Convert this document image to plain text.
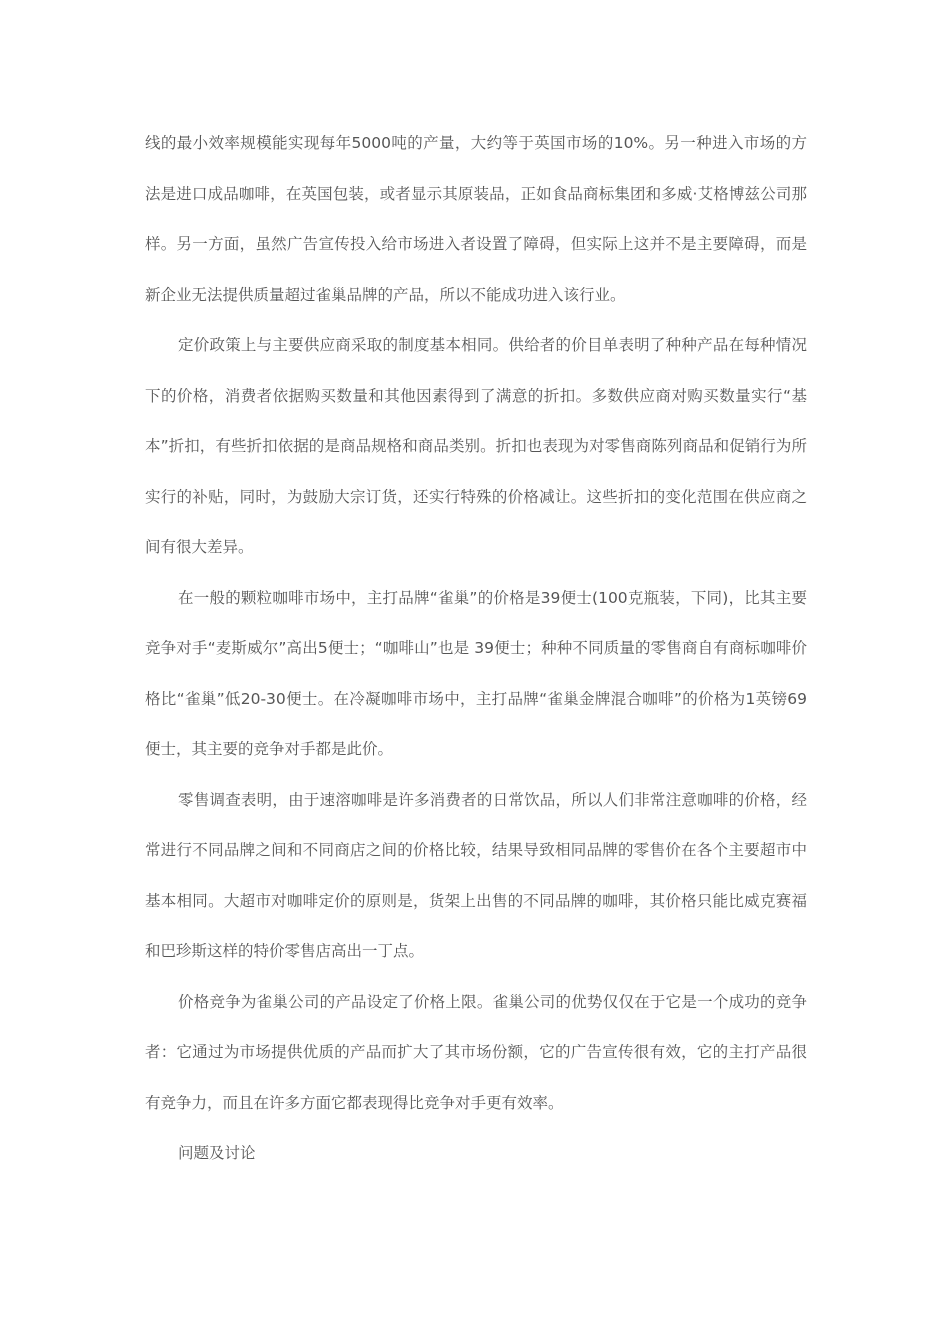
线的最小效率规模能实现每年5000吨的产量，大约等于英国市场的10%。另一种进入市场的方法是进口成品咖啡，在英国包装，或者显示其原装品，正如食品商标集团和多威·艾格博兹公司那样。另一方面，虽然广告宣传投入给市场进入者设置了障碍，但实际上这并不是主要障碍，而是新企业无法提供质量超过雀巢品牌的产品，所以不能成功进入该行业。

定价政策上与主要供应商采取的制度基本相同。供给者的价目单表明了种种产品在每种情况下的价格，消费者依据购买数量和其他因素得到了满意的折扣。多数供应商对购买数量实行“基本”折扣，有些折扣依据的是商品规格和商品类别。折扣也表现为对零售商陈列商品和促销行为所实行的补贴，同时，为鼓励大宗订货，还实行特殊的价格减让。这些折扣的变化范围在供应商之间有很大差异。

在一般的颗粒咖啡市场中，主打品牌“雀巢”的价格是39便士(100克瓶装，下同)，比其主要竞争对手“麦斯威尔”高出5便士；“咖啡山”也是 39便士；种种不同质量的零售商自有商标咖啡价格比“雀巢”低20-30便士。在冷凝咖啡市场中，主打品牌“雀巢金牌混合咖啡”的价格为1英镑69便士，其主要的竞争对手都是此价。

零售调查表明，由于速溶咖啡是许多消费者的日常饮品，所以人们非常注意咖啡的价格，经常进行不同品牌之间和不同商店之间的价格比较，结果导致相同品牌的零售价在各个主要超市中基本相同。大超市对咖啡定价的原则是，货架上出售的不同品牌的咖啡，其价格只能比威克赛福和巴珍斯这样的特价零售店高出一丁点。

价格竞争为雀巢公司的产品设定了价格上限。雀巢公司的优势仅仅在于它是一个成功的竞争者：它通过为市场提供优质的产品而扩大了其市场份额，它的广告宣传很有效，它的主打产品很有竞争力，而且在许多方面它都表现得比竞争对手更有效率。

问题及讨论
